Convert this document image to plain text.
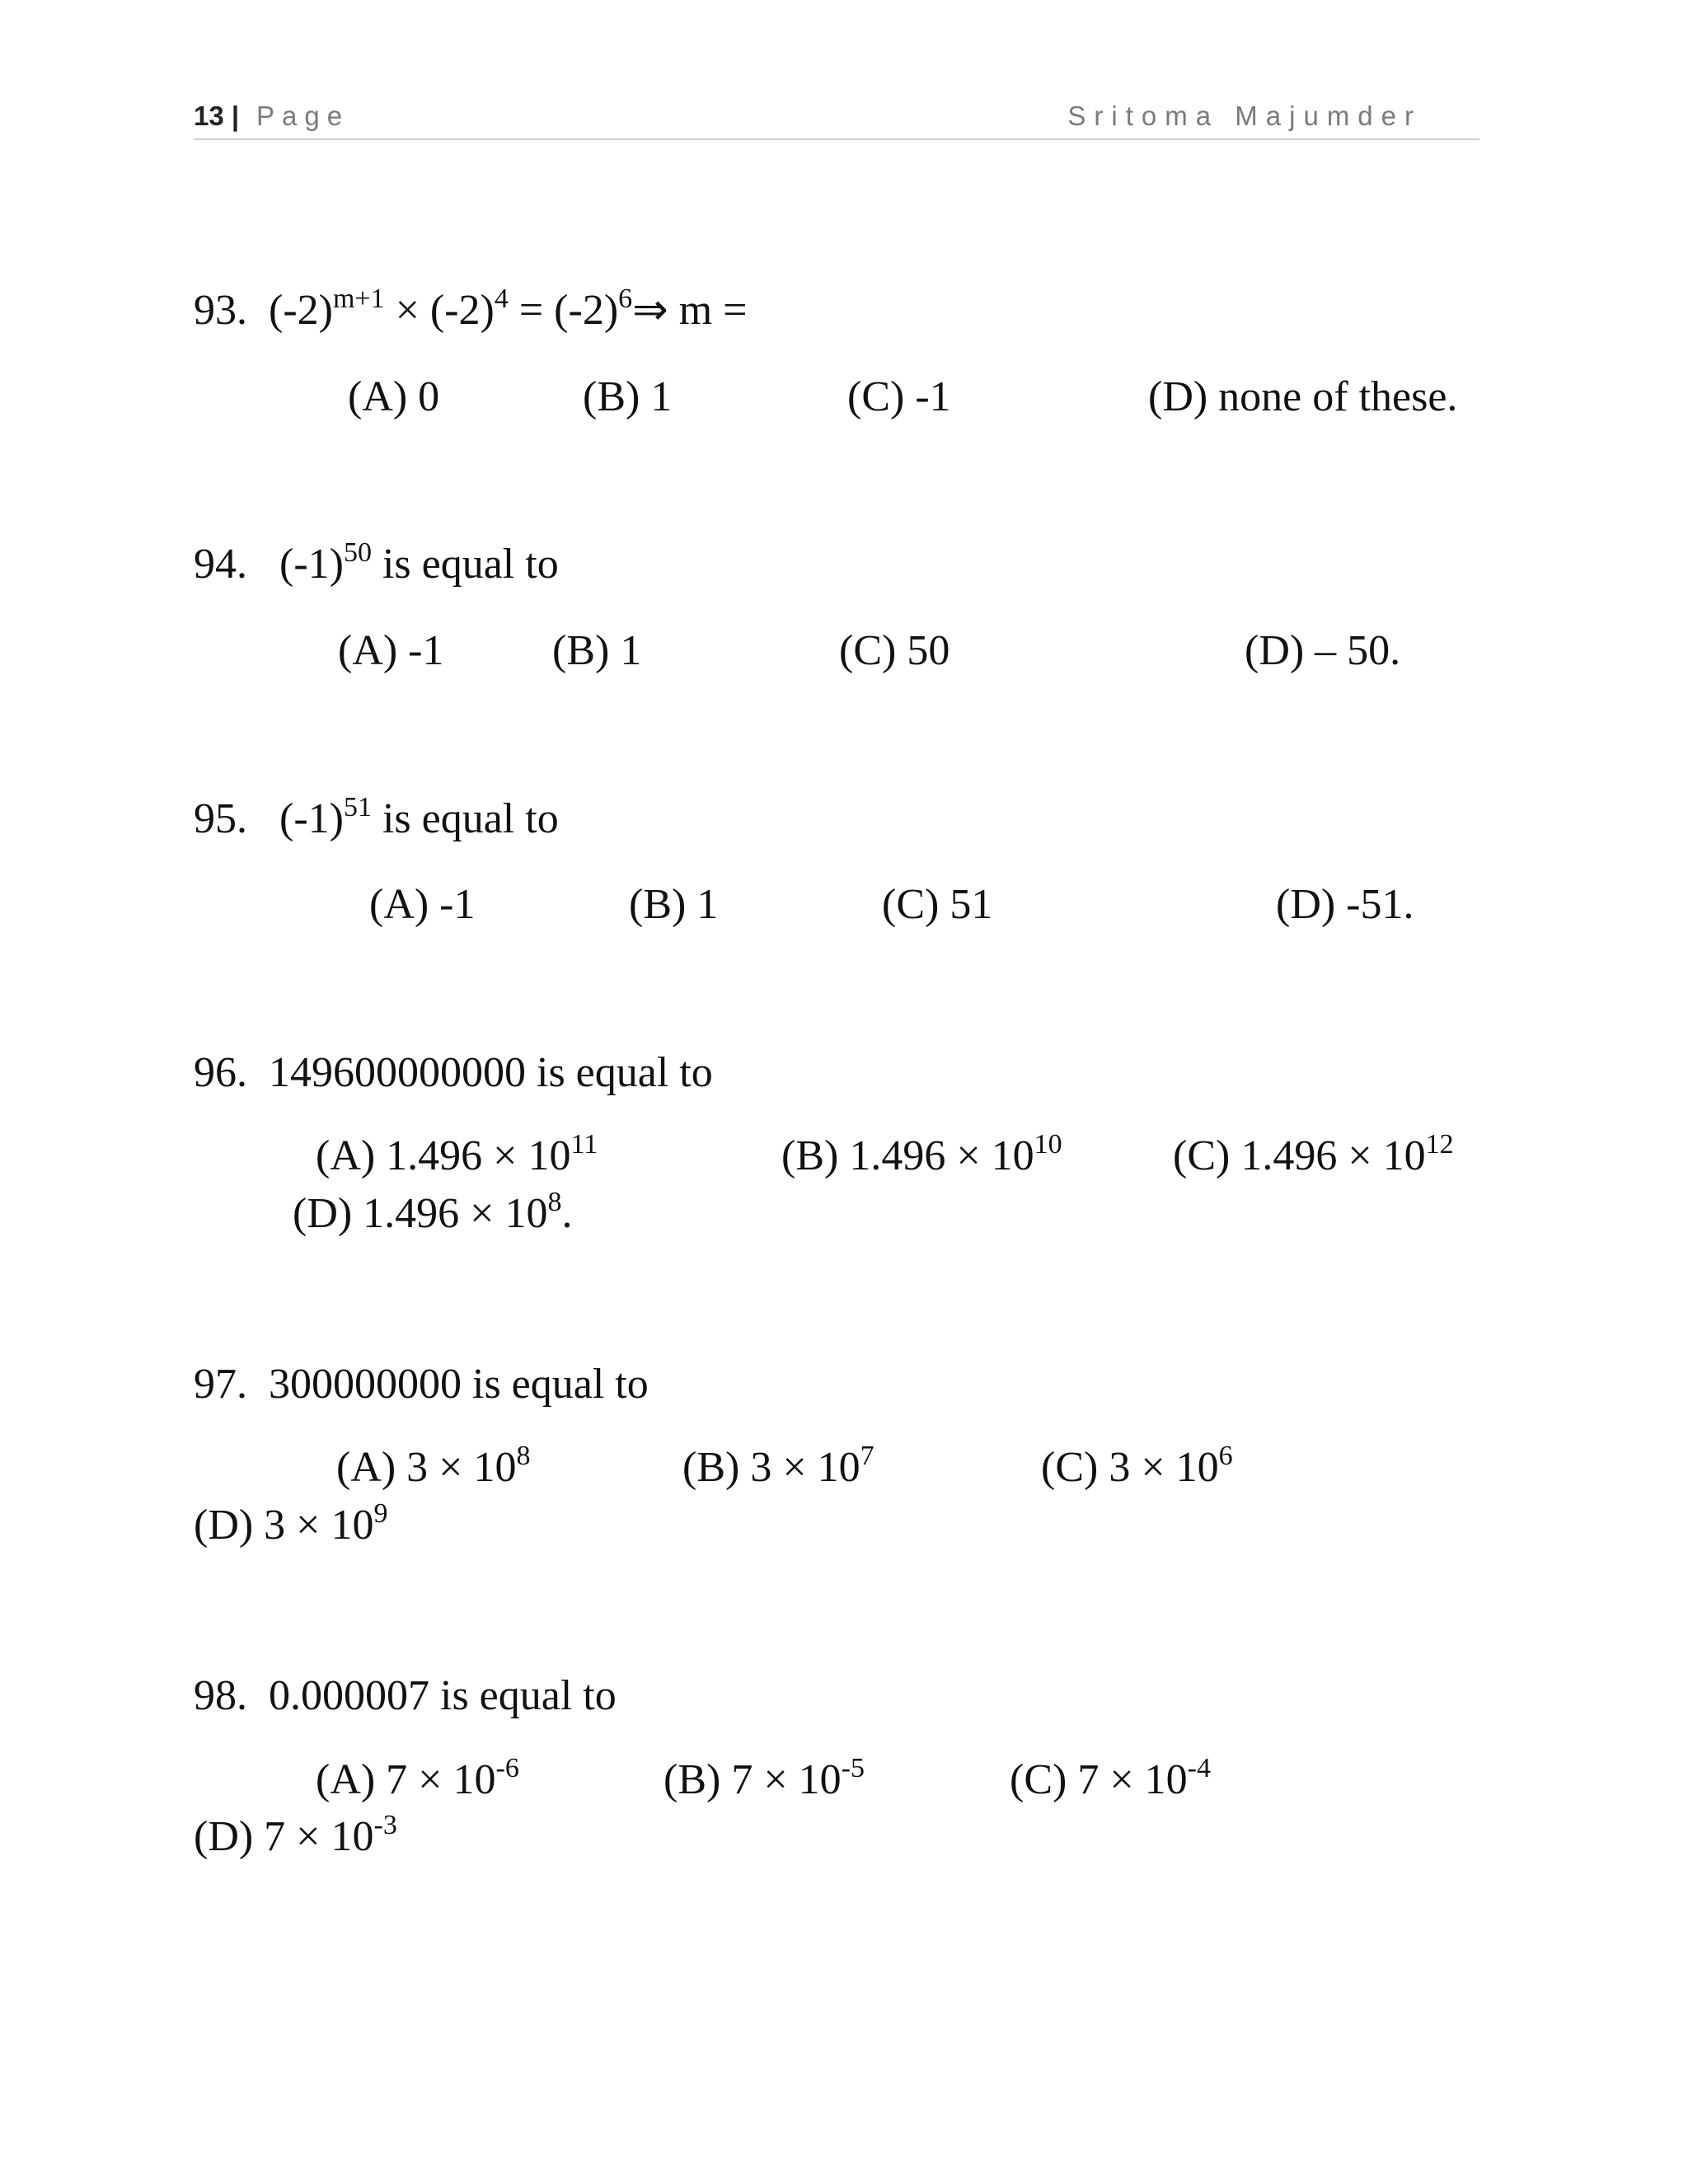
13 | Page	Sritoma Majumder
93. $(-2)^{m+1} \times (-2)^4$ = $(-2)^6\Rightarrow$ m =
(A) 0	(B) 1	(C) -1	(D) none of these.
94. $(-1)^{50}$ is equal to
(A) -1	(B) 1	(C) 50	(D) – 50.
95. $(-1)^{51}$ is equal to
(A) -1	(B) 1	(C) 51	(D) -51.
96. 149600000000 is equal to
(A) $1.496 \times 10^{11}$	(B) $1.496 \times 10^{10}$	(C) $1.496 \times 10^{12}$
(D) $1.496 \times 10^8$.
97. 300000000 is equal to
(A) $3 \times 10^8$	(B) $3 \times 10^7$	(C) $3 \times 10^6$
(D) $3 \times 10^9$
98. 0.000007 is equal to
(A) $7 \times 10^{-6}$	(B) $7 \times 10^{-5}$	(C) $7 \times 10^{-4}$
(D) $7 \times 10^{-3}$
